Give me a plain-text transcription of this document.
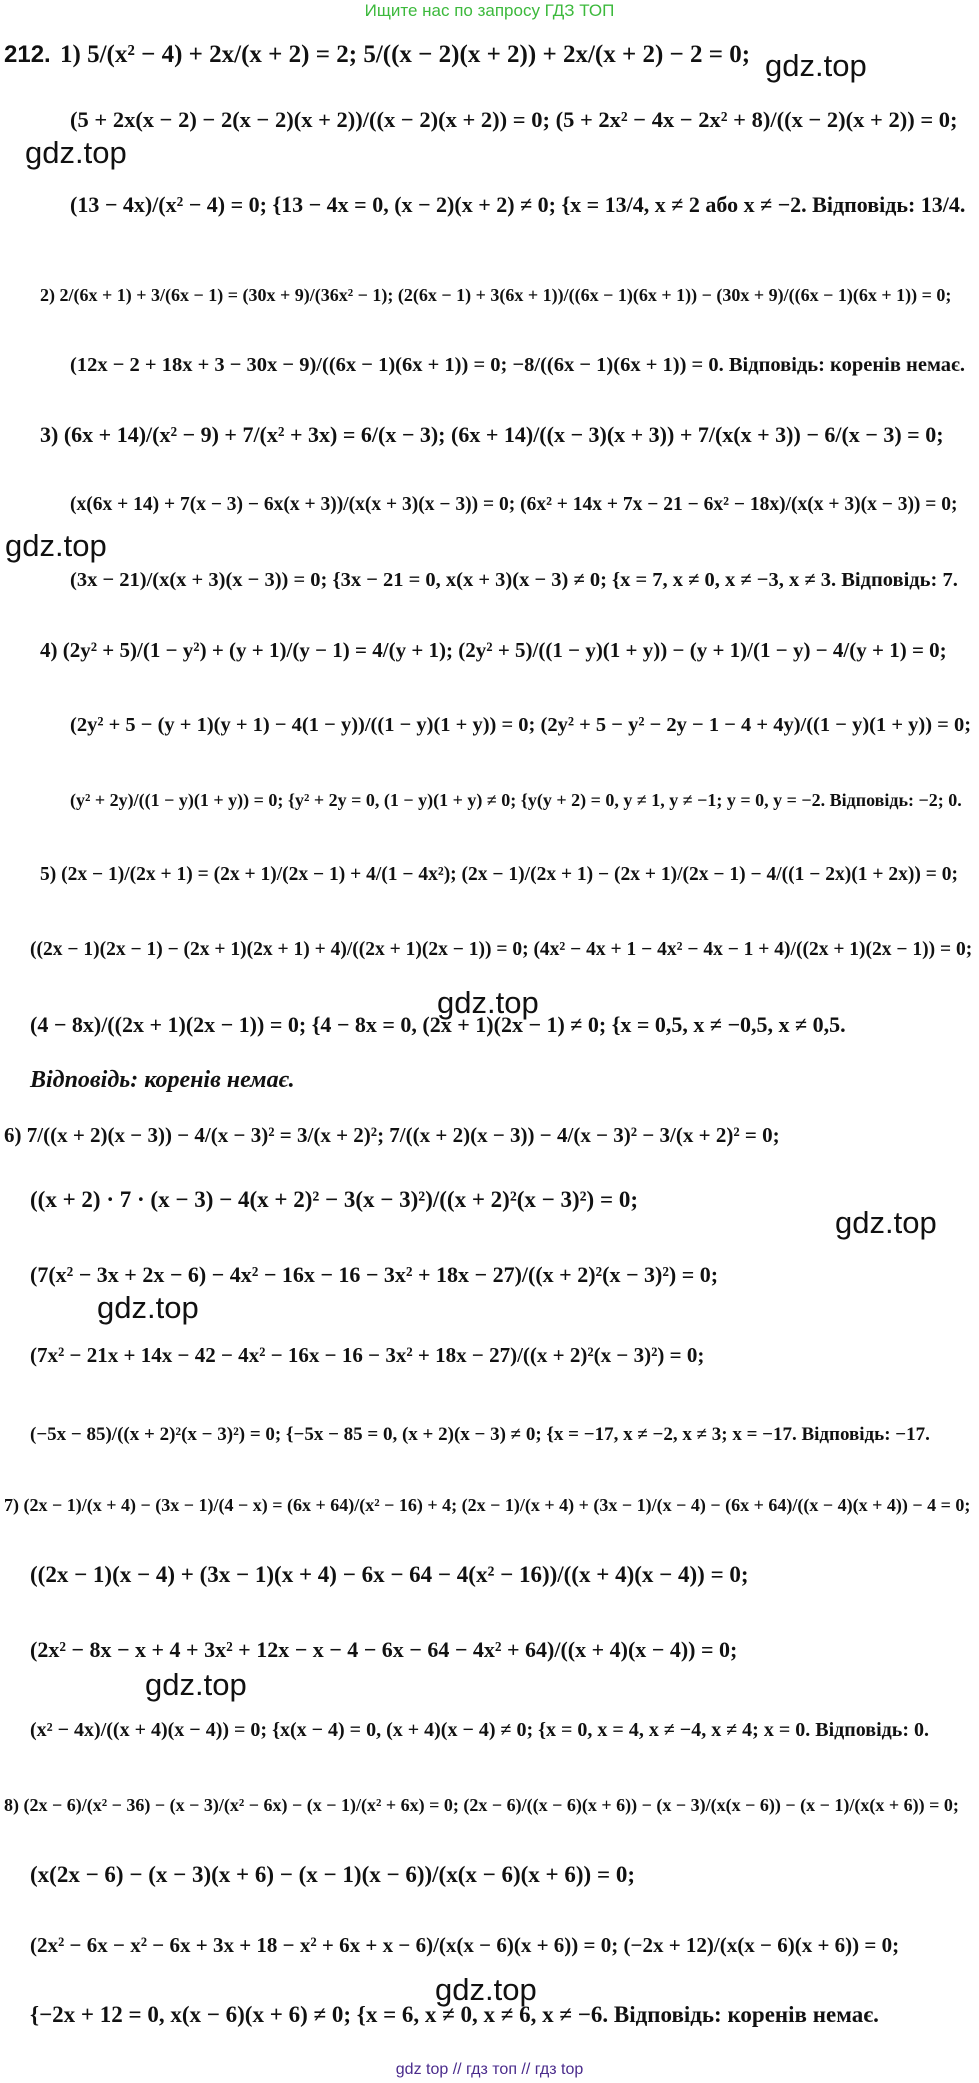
Ищите нас по запросу ГДЗ ТОП
212. 1) 5/(x² − 4) + 2x/(x + 2) = 2; 5/((x − 2)(x + 2)) + 2x/(x + 2) − 2 = 0;
(5 + 2x(x − 2) − 2(x − 2)(x + 2))/((x − 2)(x + 2)) = 0; (5 + 2x² − 4x − 2x² + 8)/((x − 2)(x + 2)) = 0;
(13 − 4x)/(x² − 4) = 0; {13 − 4x = 0, (x − 2)(x + 2) ≠ 0; {x = 13/4, x ≠ 2 або x ≠ −2. Відповідь: 13/4.
2) 2/(6x + 1) + 3/(6x − 1) = (30x + 9)/(36x² − 1); (2(6x − 1) + 3(6x + 1))/((6x − 1)(6x + 1)) − (30x + 9)/((6x − 1)(6x + 1)) = 0;
(12x − 2 + 18x + 3 − 30x − 9)/((6x − 1)(6x + 1)) = 0; −8/((6x − 1)(6x + 1)) = 0. Відповідь: коренів немає.
3) (6x + 14)/(x² − 9) + 7/(x² + 3x) = 6/(x − 3); (6x + 14)/((x − 3)(x + 3)) + 7/(x(x + 3)) − 6/(x − 3) = 0;
(x(6x + 14) + 7(x − 3) − 6x(x + 3))/(x(x + 3)(x − 3)) = 0; (6x² + 14x + 7x − 21 − 6x² − 18x)/(x(x + 3)(x − 3)) = 0;
(3x − 21)/(x(x + 3)(x − 3)) = 0; {3x − 21 = 0, x(x + 3)(x − 3) ≠ 0; {x = 7, x ≠ 0, x ≠ −3, x ≠ 3. Відповідь: 7.
4) (2y² + 5)/(1 − y²) + (y + 1)/(y − 1) = 4/(y + 1); (2y² + 5)/((1 − y)(1 + y)) − (y + 1)/(1 − y) − 4/(y + 1) = 0;
(2y² + 5 − (y + 1)(y + 1) − 4(1 − y))/((1 − y)(1 + y)) = 0; (2y² + 5 − y² − 2y − 1 − 4 + 4y)/((1 − y)(1 + y)) = 0;
(y² + 2y)/((1 − y)(1 + y)) = 0; {y² + 2y = 0, (1 − y)(1 + y) ≠ 0; {y(y + 2) = 0, y ≠ 1, y ≠ −1; y = 0, y = −2. Відповідь: −2; 0.
5) (2x − 1)/(2x + 1) = (2x + 1)/(2x − 1) + 4/(1 − 4x²); (2x − 1)/(2x + 1) − (2x + 1)/(2x − 1) − 4/((1 − 2x)(1 + 2x)) = 0;
((2x − 1)(2x − 1) − (2x + 1)(2x + 1) + 4)/((2x + 1)(2x − 1)) = 0; (4x² − 4x + 1 − 4x² − 4x − 1 + 4)/((2x + 1)(2x − 1)) = 0;
(4 − 8x)/((2x + 1)(2x − 1)) = 0; {4 − 8x = 0, (2x + 1)(2x − 1) ≠ 0; {x = 0,5, x ≠ −0,5, x ≠ 0,5.
Відповідь: коренів немає.
6) 7/((x + 2)(x − 3)) − 4/(x − 3)² = 3/(x + 2)²; 7/((x + 2)(x − 3)) − 4/(x − 3)² − 3/(x + 2)² = 0;
((x + 2) · 7 · (x − 3) − 4(x + 2)² − 3(x − 3)²)/((x + 2)²(x − 3)²) = 0;
(7(x² − 3x + 2x − 6) − 4x² − 16x − 16 − 3x² + 18x − 27)/((x + 2)²(x − 3)²) = 0;
(7x² − 21x + 14x − 42 − 4x² − 16x − 16 − 3x² + 18x − 27)/((x + 2)²(x − 3)²) = 0;
(−5x − 85)/((x + 2)²(x − 3)²) = 0; {−5x − 85 = 0, (x + 2)(x − 3) ≠ 0; {x = −17, x ≠ −2, x ≠ 3; x = −17. Відповідь: −17.
7) (2x − 1)/(x + 4) − (3x − 1)/(4 − x) = (6x + 64)/(x² − 16) + 4; (2x − 1)/(x + 4) + (3x − 1)/(x − 4) − (6x + 64)/((x − 4)(x + 4)) − 4 = 0;
((2x − 1)(x − 4) + (3x − 1)(x + 4) − 6x − 64 − 4(x² − 16))/((x + 4)(x − 4)) = 0;
(2x² − 8x − x + 4 + 3x² + 12x − x − 4 − 6x − 64 − 4x² + 64)/((x + 4)(x − 4)) = 0;
(x² − 4x)/((x + 4)(x − 4)) = 0; {x(x − 4) = 0, (x + 4)(x − 4) ≠ 0; {x = 0, x = 4, x ≠ −4, x ≠ 4; x = 0. Відповідь: 0.
8) (2x − 6)/(x² − 36) − (x − 3)/(x² − 6x) − (x − 1)/(x² + 6x) = 0; (2x − 6)/((x − 6)(x + 6)) − (x − 3)/(x(x − 6)) − (x − 1)/(x(x + 6)) = 0;
(x(2x − 6) − (x − 3)(x + 6) − (x − 1)(x − 6))/(x(x − 6)(x + 6)) = 0;
(2x² − 6x − x² − 6x + 3x + 18 − x² + 6x + x − 6)/(x(x − 6)(x + 6)) = 0; (−2x + 12)/(x(x − 6)(x + 6)) = 0;
{−2x + 12 = 0, x(x − 6)(x + 6) ≠ 0; {x = 6, x ≠ 0, x ≠ 6, x ≠ −6. Відповідь: коренів немає.
gdz.top
gdz.top
gdz.top
gdz.top
gdz.top
gdz.top
gdz.top
gdz.top
gdz top // гдз топ // гдз top
